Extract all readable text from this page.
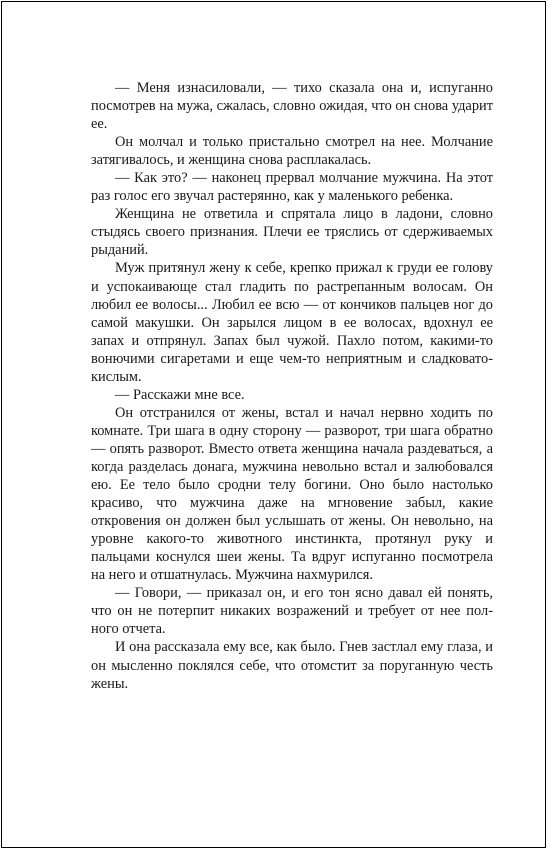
— Меня изнасиловали, — тихо сказала она и, испуганно посмотрев на мужа, сжалась, словно ожидая, что он снова ударит ее.

Он молчал и только пристально смотрел на нее. Молчание затягивалось, и женщина снова расплакалась.

— Как это? — наконец прервал молчание мужчина. На этот раз голос его звучал растерянно, как у маленького ребенка.

Женщина не ответила и спрятала лицо в ладони, словно стыдясь своего признания. Плечи ее тряслись от сдерживаемых рыданий.

Муж притянул жену к себе, крепко прижал к груди ее голову и успокаивающе стал гладить по растрепанным волосам. Он любил ее волосы... Любил ее всю — от кончиков пальцев ног до самой макушки. Он зарылся лицом в ее волосах, вдохнул ее запах и отпрянул. Запах был чужой. Пахло потом, какими-то вонючими сигаретами и еще чем-то неприятным и сладковато-кислым.

— Расскажи мне все.

Он отстранился от жены, встал и начал нервно ходить по комнате. Три шага в одну сторону — разворот, три шага обратно — опять разворот. Вместо ответа женщина начала раздеваться, а когда разделась донага, мужчина невольно встал и залюбовался ею. Ее тело было сродни телу богини. Оно было настолько красиво, что мужчина даже на мгновение забыл, какие откровения он должен был услышать от жены. Он невольно, на уровне какого-то животного инстинкта, протянул руку и пальцами коснулся шеи жены. Та вдруг испуганно посмотрела на него и отшатнулась. Мужчина нахмурился.

— Говори, — приказал он, и его тон ясно давал ей понять, что он не потерпит никаких возражений и требует от нее полного отчета.

И она рассказала ему все, как было. Гнев застлал ему глаза, и он мысленно поклялся себе, что отомстит за поруганную честь жены.
